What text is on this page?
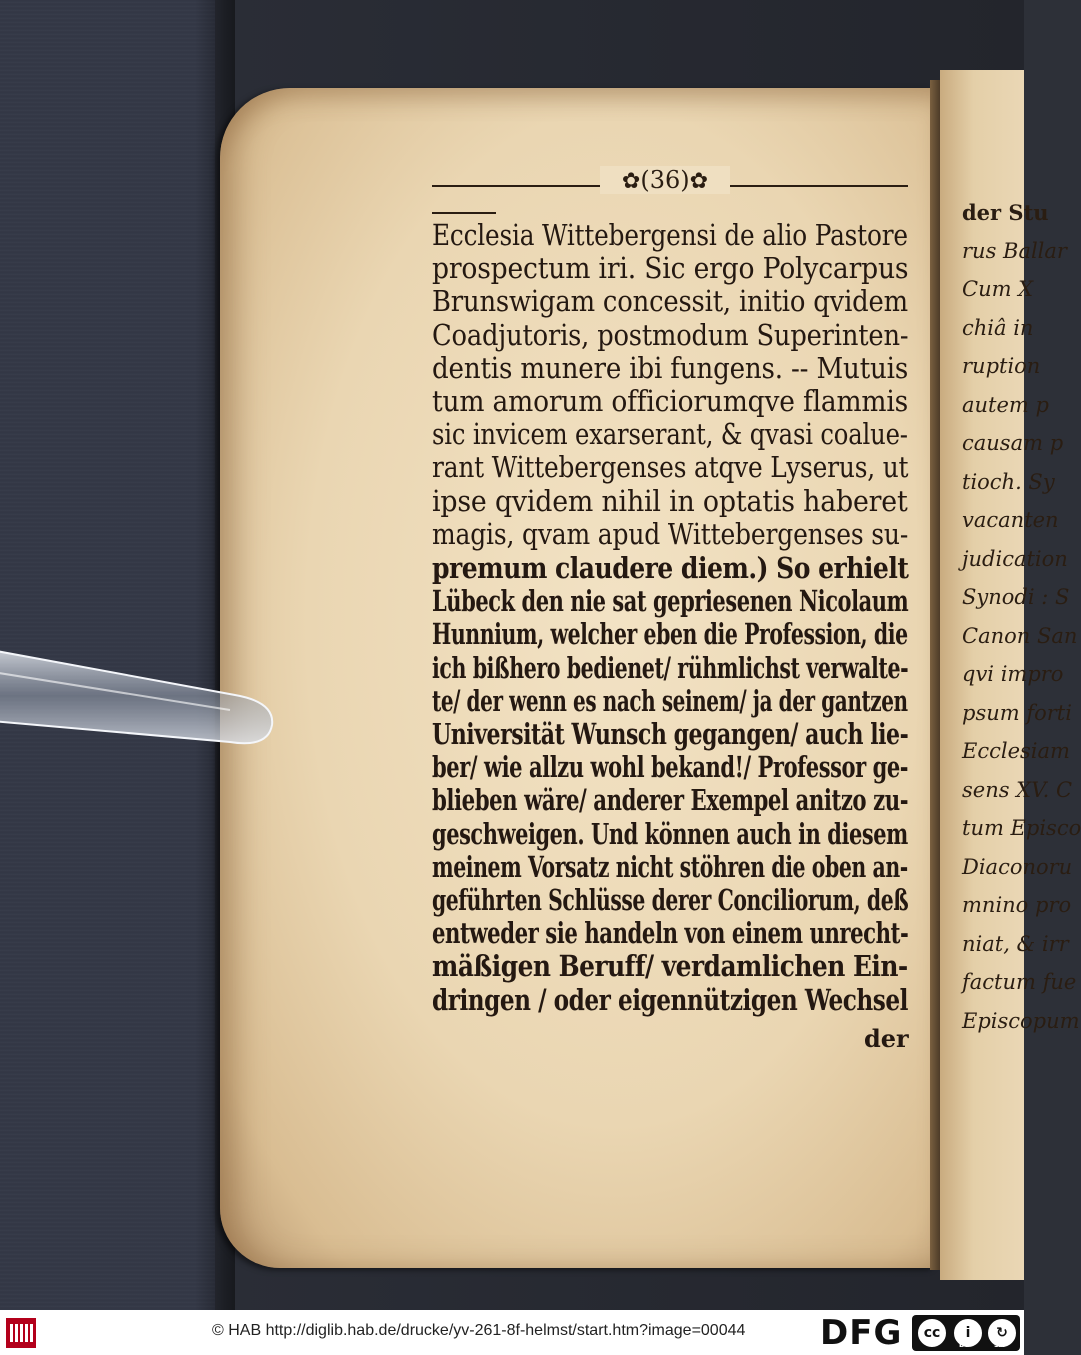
der Stu
rus Ballar
Cum X
chiâ in
ruption
autem p
causam p
tioch. Sy
vacanten
judication
Synodi : S
Canon San
qvi impro
psum forti
Ecclesiam
sens XV. C
tum Episco
Diaconoru
mnino pro
niat, & irr
factum fue
Episcopum
✿(36)✿
Ecclesia Wittebergensi de alio Pastore
prospectum iri. Sic ergo Polycarpus
Brunswigam concessit, initio qvidem
Coadjutoris, postmodum Superinten-
dentis munere ibi fungens. -- Mutuis
tum amorum officiorumqve flammis
sic invicem exarserant, & qvasi coalue-
rant Wittebergenses atqve Lyserus, ut
ipse qvidem nihil in optatis haberet
magis, qvam apud Wittebergenses su-
premum claudere diem.) So erhielt
Lübeck den nie sat gepriesenen Nicolaum
Hunnium, welcher eben die Profession, die
ich bißhero bedienet/ rühmlichst verwalte-
te/ der wenn es nach seinem/ ja der gantzen
Universität Wunsch gegangen/ auch lie-
ber/ wie allzu wohl bekand!/ Professor ge-
blieben wäre/ anderer Exempel anitzo zu-
geschweigen. Und können auch in diesem
meinem Vorsatz nicht stöhren die oben an-
geführten Schlüsse derer Conciliorum, deß
entweder sie handeln von einem unrecht-
mäßigen Beruff/ verdamlichen Ein-
dringen / oder eigennützigen Wechsel
der
© HAB http://diglib.hab.de/drucke/yv-261-8f-helmst/start.htm?image=00044 DFG	cc	i	↻
BY	SA
